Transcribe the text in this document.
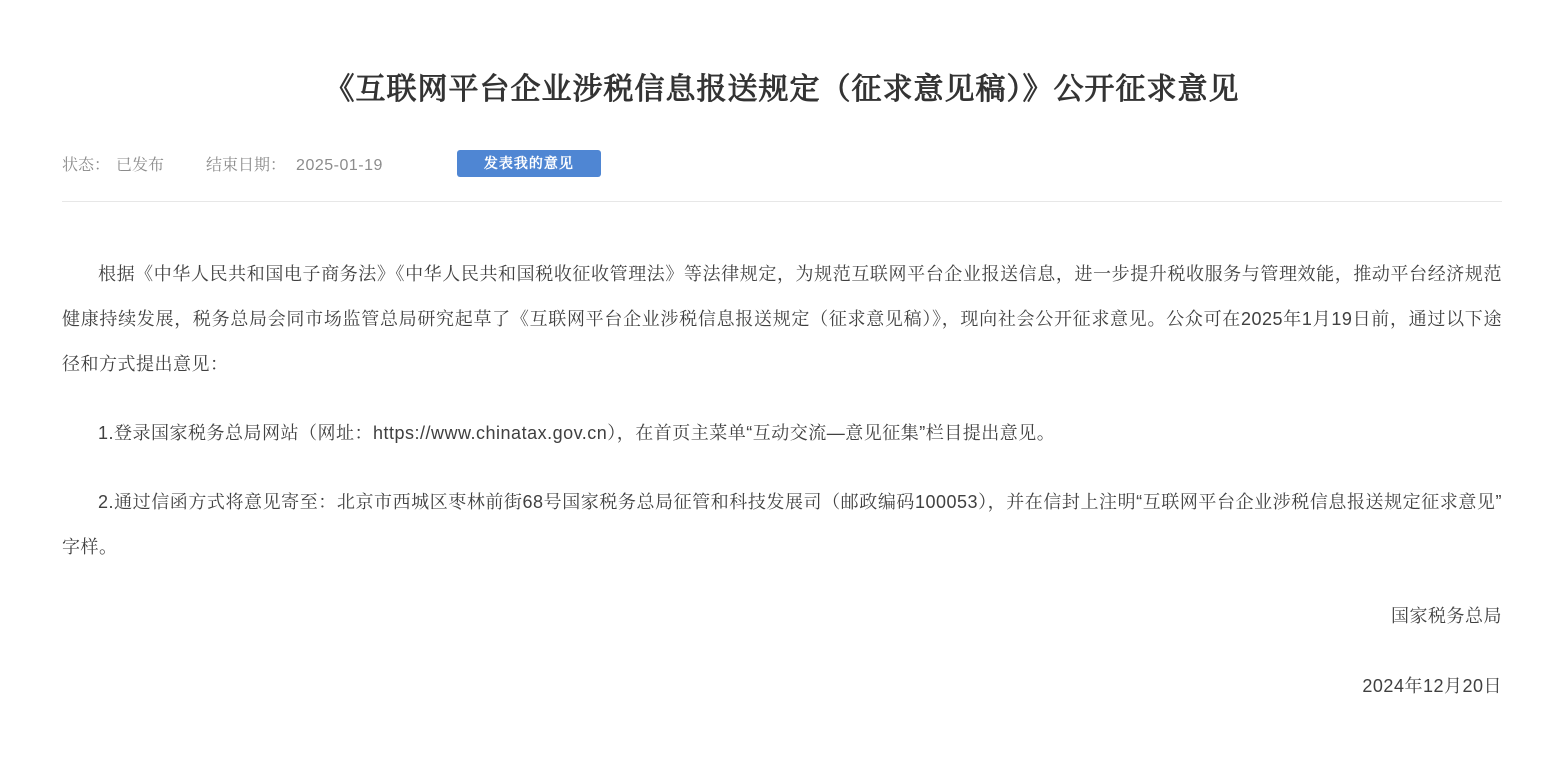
《互联网平台企业涉税信息报送规定（征求意见稿）》公开征求意见
状态： 已发布	结束日期： 2025-01-19	发表我的意见

根据《中华人民共和国电子商务法》《中华人民共和国税收征收管理法》等法律规定，为规范互联网平台企业报送信息，进一步提升税收服务与管理效能，推动平台经济规范健康持续发展，税务总局会同市场监管总局研究起草了《互联网平台企业涉税信息报送规定（征求意见稿）》，现向社会公开征求意见。公众可在2025年1月19日前，通过以下途径和方式提出意见：

1.登录国家税务总局网站（网址：https://www.chinatax.gov.cn），在首页主菜单“互动交流—意见征集”栏目提出意见。

2.通过信函方式将意见寄至：北京市西城区枣林前街68号国家税务总局征管和科技发展司（邮政编码100053），并在信封上注明“互联网平台企业涉税信息报送规定征求意见”字样。

国家税务总局

2024年12月20日
